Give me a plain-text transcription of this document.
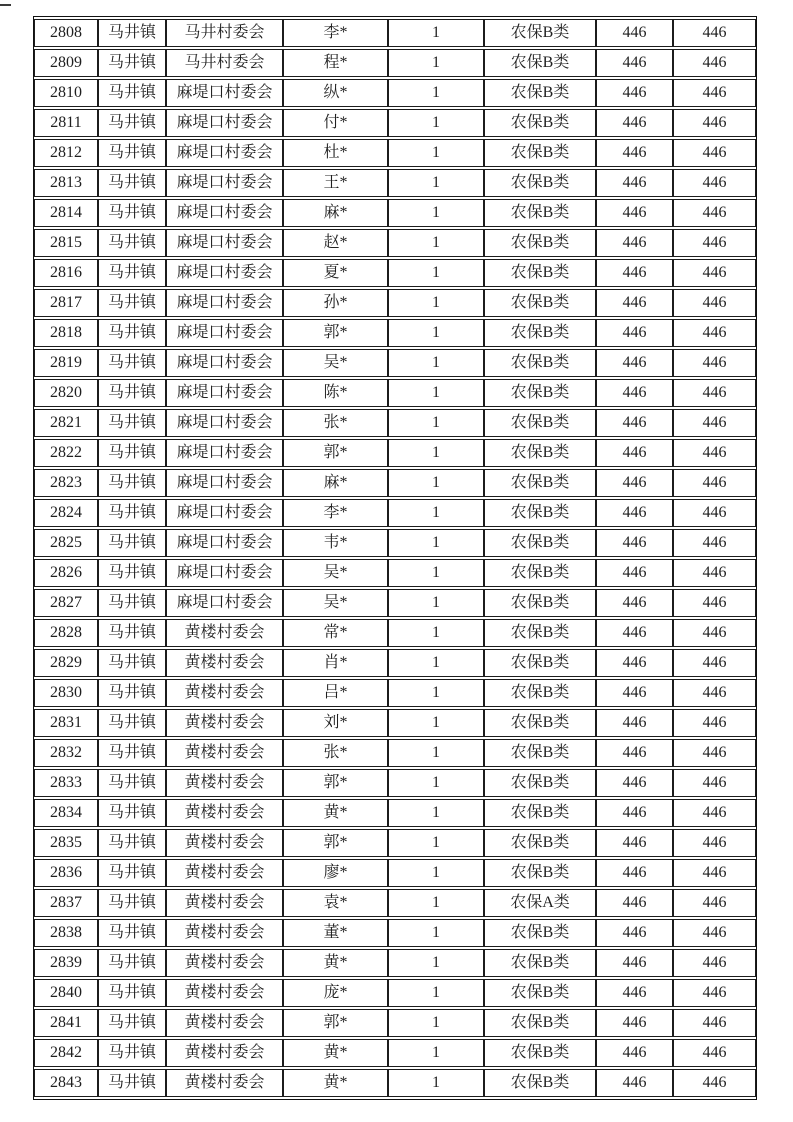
2808	马井镇	马井村委会	李*	1	农保B类	446	446
2809	马井镇	马井村委会	程*	1	农保B类	446	446
2810	马井镇	麻堤口村委会	纵*	1	农保B类	446	446
2811	马井镇	麻堤口村委会	付*	1	农保B类	446	446
2812	马井镇	麻堤口村委会	杜*	1	农保B类	446	446
2813	马井镇	麻堤口村委会	王*	1	农保B类	446	446
2814	马井镇	麻堤口村委会	麻*	1	农保B类	446	446
2815	马井镇	麻堤口村委会	赵*	1	农保B类	446	446
2816	马井镇	麻堤口村委会	夏*	1	农保B类	446	446
2817	马井镇	麻堤口村委会	孙*	1	农保B类	446	446
2818	马井镇	麻堤口村委会	郭*	1	农保B类	446	446
2819	马井镇	麻堤口村委会	吴*	1	农保B类	446	446
2820	马井镇	麻堤口村委会	陈*	1	农保B类	446	446
2821	马井镇	麻堤口村委会	张*	1	农保B类	446	446
2822	马井镇	麻堤口村委会	郭*	1	农保B类	446	446
2823	马井镇	麻堤口村委会	麻*	1	农保B类	446	446
2824	马井镇	麻堤口村委会	李*	1	农保B类	446	446
2825	马井镇	麻堤口村委会	韦*	1	农保B类	446	446
2826	马井镇	麻堤口村委会	吴*	1	农保B类	446	446
2827	马井镇	麻堤口村委会	吴*	1	农保B类	446	446
2828	马井镇	黄楼村委会	常*	1	农保B类	446	446
2829	马井镇	黄楼村委会	肖*	1	农保B类	446	446
2830	马井镇	黄楼村委会	吕*	1	农保B类	446	446
2831	马井镇	黄楼村委会	刘*	1	农保B类	446	446
2832	马井镇	黄楼村委会	张*	1	农保B类	446	446
2833	马井镇	黄楼村委会	郭*	1	农保B类	446	446
2834	马井镇	黄楼村委会	黄*	1	农保B类	446	446
2835	马井镇	黄楼村委会	郭*	1	农保B类	446	446
2836	马井镇	黄楼村委会	廖*	1	农保B类	446	446
2837	马井镇	黄楼村委会	袁*	1	农保A类	446	446
2838	马井镇	黄楼村委会	董*	1	农保B类	446	446
2839	马井镇	黄楼村委会	黄*	1	农保B类	446	446
2840	马井镇	黄楼村委会	庞*	1	农保B类	446	446
2841	马井镇	黄楼村委会	郭*	1	农保B类	446	446
2842	马井镇	黄楼村委会	黄*	1	农保B类	446	446
2843	马井镇	黄楼村委会	黄*	1	农保B类	446	446
